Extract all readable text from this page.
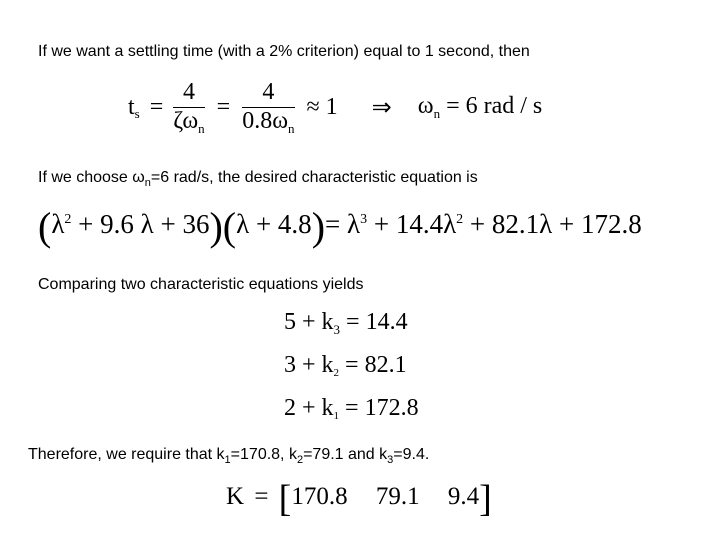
If we want a settling time (with a 2% criterion) equal to 1 second, then
$t_s = \frac{4}{\zeta\omega_n} = \frac{4}{0.8\omega_n} \approx 1$ ⇒ $\omega_n = 6$ rad / s
If we choose $\omega_n=6$ rad/s, the desired characteristic equation is
($\lambda^2 + 9.6$ $\lambda + 36)(\lambda + 4.8)= \lambda^3 + 14.4\lambda^2 + 82.1\lambda + 172.8$
Comparing two characteristic equations yields
$5 + k_3 = 14.4$
$3 + k_2 = 82.1$
$2 + k_1 = 172.8$
Therefore, we require that $k_1=170.8$, $k_2=79.1$ and $k_3=9.4$.
K = [170.8 79.1 9.4]
